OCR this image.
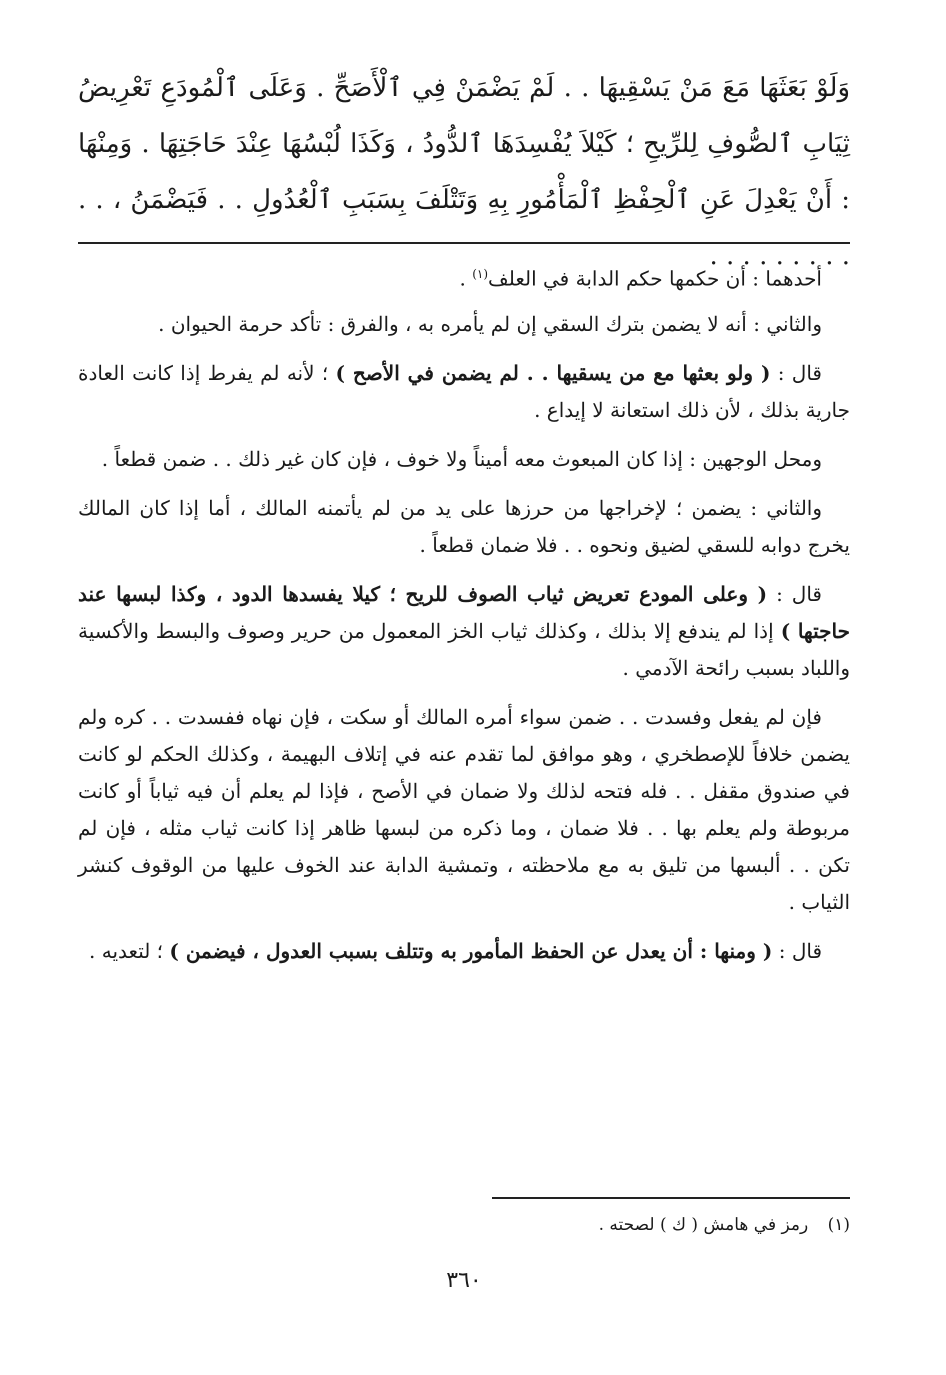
وَلَوْ بَعَثَهَا مَعَ مَنْ يَسْقِيهَا . . لَمْ يَضْمَنْ فِي ٱلْأَصَحِّ . وَعَلَى ٱلْمُودَعِ تَعْرِيضُ ثِيَابِ ٱلصُّوفِ لِلرِّيحِ ؛ كَيْلاَ يُفْسِدَهَا ٱلدُّودُ ، وَكَذَا لُبْسُهَا عِنْدَ حَاجَتِهَا . وَمِنْهَا : أَنْ يَعْدِلَ عَنِ ٱلْحِفْظِ ٱلْمَأْمُورِ بِهِ وَتَتْلَفَ بِسَبَبِ ٱلْعُدُولِ . . فَيَضْمَنُ ، . . . . . . . . . . .

أحدهما : أن حكمها حكم الدابة في العلف$^{(١)}$ .

والثاني : أنه لا يضمن بترك السقي إن لم يأمره به ، والفرق : تأكد حرمة الحيوان .

قال : ( ولو بعثها مع من يسقيها . . لم يضمن في الأصح ) ؛ لأنه لم يفرط إذا كانت العادة جارية بذلك ، لأن ذلك استعانة لا إيداع .

ومحل الوجهين : إذا كان المبعوث معه أميناً ولا خوف ، فإن كان غير ذلك . . ضمن قطعاً .

والثاني : يضمن ؛ لإخراجها من حرزها على يد من لم يأتمنه المالك ، أما إذا كان المالك يخرج دوابه للسقي لضيق ونحوه . . فلا ضمان قطعاً .

قال : ( وعلى المودع تعريض ثياب الصوف للريح ؛ كيلا يفسدها الدود ، وكذا لبسها عند حاجتها ) إذا لم يندفع إلا بذلك ، وكذلك ثياب الخز المعمول من حرير وصوف والبسط والأكسية واللباد بسبب رائحة الآدمي .

فإن لم يفعل وفسدت . . ضمن سواء أمره المالك أو سكت ، فإن نهاه ففسدت . . كره ولم يضمن خلافاً للإصطخري ، وهو موافق لما تقدم عنه في إتلاف البهيمة ، وكذلك الحكم لو كانت في صندوق مقفل . . فله فتحه لذلك ولا ضمان في الأصح ، فإذا لم يعلم أن فيه ثياباً أو كانت مربوطة ولم يعلم بها . . فلا ضمان ، وما ذكره من لبسها ظاهر إذا كانت ثياب مثله ، فإن لم تكن . . ألبسها من تليق به مع ملاحظته ، وتمشية الدابة عند الخوف عليها من الوقوف كنشر الثياب .

قال : ( ومنها : أن يعدل عن الحفظ المأمور به وتتلف بسبب العدول ، فيضمن ) ؛ لتعديه .

(١) رمز في هامش ( ك ) لصحته .
٣٦٠
